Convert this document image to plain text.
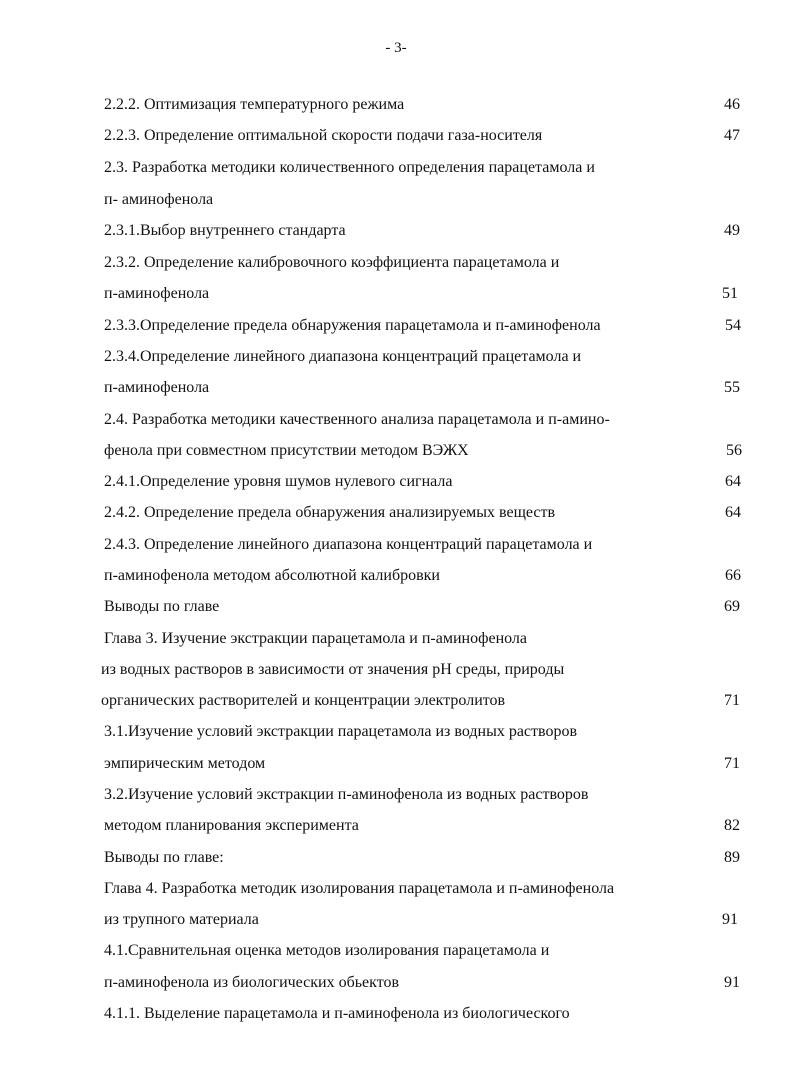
- 3-
2.2.2. Оптимизация температурного режима	46
2.2.3. Определение оптимальной скорости подачи газа-носителя	47
2.3. Разработка методики количественного определения парацетамола и
п- аминофенола
2.3.1.Выбор внутреннего стандарта	49
2.3.2. Определение калибровочного коэффициента парацетамола и
п-аминофенола	51
2.3.3.Определение предела обнаружения парацетамола и п-аминофенола	54
2.3.4.Определение линейного диапазона концентраций працетамола и
п-аминофенола	55
2.4. Разработка методики качественного анализа парацетамола и п-амино-
фенола при совместном присутствии методом ВЭЖХ	56
2.4.1.Определение уровня шумов нулевого сигнала	64
2.4.2. Определение предела обнаружения анализируемых веществ	64
2.4.3. Определение линейного диапазона концентраций парацетамола и
п-аминофенола методом абсолютной калибровки	66
Выводы по главе	69
Глава 3. Изучение экстракции парацетамола и п-аминофенола
из водных растворов в зависимости от значения pH среды, природы
органических растворителей и концентрации электролитов	71
3.1.Изучение условий экстракции парацетамола из водных растворов
эмпирическим методом	71
3.2.Изучение условий экстракции п-аминофенола из водных растворов
методом планирования эксперимента	82
Выводы по главе:	89
Глава 4. Разработка методик изолирования парацетамола и п-аминофенола
из трупного материала	91
4.1.Сравнительная оценка методов изолирования парацетамола и
п-аминофенола из биологических обьектов	91
4.1.1. Выделение парацетамола и п-аминофенола из биологического
